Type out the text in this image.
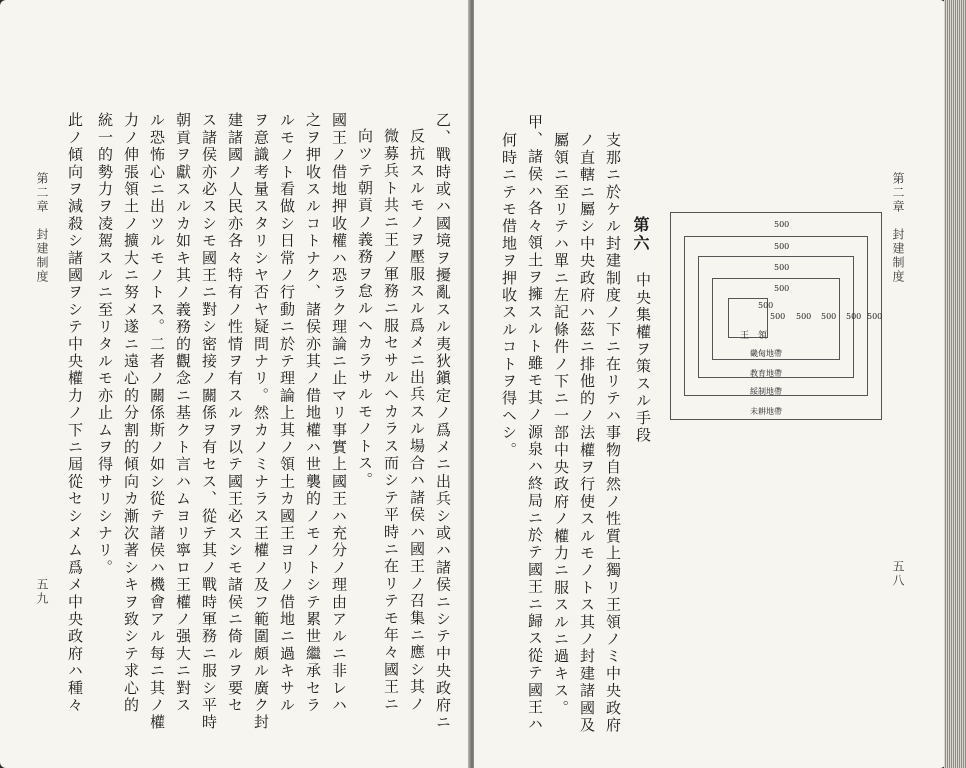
第二章　封建制度
五九	乙、戰時或ハ國境ヲ擾亂スル夷狄鎭定ノ爲メニ出兵シ或ハ諸侯ニシテ中央政府ニ
反抗スルモノヲ壓服スル爲メニ出兵スル場合ハ諸侯ハ國王ノ召集ニ應シ其ノ
微募兵ト共ニ王ノ軍務ニ服セサルヘカラス而シテ平時ニ在リテモ年々國王ニ
向ツテ朝貢ノ義務ヲ怠ルヘカラサルモノトス。
國王ノ借地押收權ハ恐ラク理論ニ止マリ事實上國王ハ充分ノ理由アルニ非レハ
之ヲ押收スルコトナク、諸侯亦其ノ借地權ハ世襲的ノモノトシテ累世繼承セラ
ルモノト看做シ日常ノ行動ニ於テ理論上其ノ領土カ國王ヨリノ借地ニ過キサル
ヲ意識考量スタリシヤ否ヤ疑問ナリ。然カノミナラス王權ノ及フ範圍頗ル廣ク封
建諸國ノ人民亦各々特有ノ性情ヲ有スルヲ以テ國王必スシモ諸侯ニ倚ルヲ要セ
ス諸侯亦必スシモ國王ニ對シ密接ノ關係ヲ有セス、從テ其ノ戰時軍務ニ服シ平時
朝貢ヲ獻スルカ如キ其ノ義務的觀念ニ基クト言ハムヨリ寧ロ王權ノ强大ニ對ス
ル恐怖心ニ出ツルモノトス。二者ノ關係斯ノ如シ從テ諸侯ハ機會アル每ニ其ノ權
力ノ伸張領土ノ擴大ニ努メ遂ニ遠心的分割的傾向カ漸次著シキヲ致シテ求心的
統一的勢力ヲ凌駕スルニ至リタルモ亦止ムヲ得サリシナリ。
此ノ傾向ヲ減殺シ諸國ヲシテ中央權力ノ下ニ屆從セシメム爲メ中央政府ハ種々	第二章　封建制度
五八
支那ニ於ケル封建制度ノ下ニ在リテハ事物自然ノ性質上獨リ王領ノミ中央政府
ノ直轄ニ屬シ中央政府ハ茲ニ排他的ノ法權ヲ行使スルモノトス其ノ封建諸國及
屬領ニ至リテハ單ニ左記條件ノ下ニ一部中央政府ノ權力ニ服スルニ過キス。
甲、諸侯ハ各々領土ヲ擁スルト雖モ其ノ源泉ハ終局ニ於テ國王ニ歸ス從テ國王ハ
何時ニテモ借地ヲ押收スルコトヲ得ヘシ。	第六
中央集權ヲ策スル手段
500
500
500
500
500
500 500 500 500 500
王　領
畿甸地帶
教育地帶
綏制地帶
未耕地帶
